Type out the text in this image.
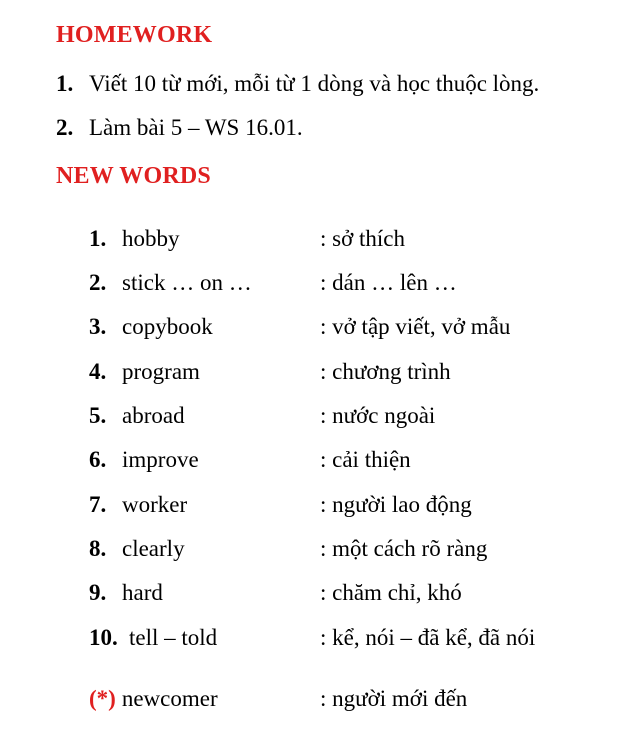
HOMEWORK
1. Viết 10 từ mới, mỗi từ 1 dòng và học thuộc lòng.
2. Làm bài 5 – WS 16.01.
NEW WORDS
1. hobby	: sở thích
2. stick … on …	: dán … lên …
3. copybook	: vở tập viết, vở mẫu
4. program	: chương trình
5. abroad	: nước ngoài
6. improve	: cải thiện
7. worker	: người lao động
8. clearly	: một cách rõ ràng
9. hard	: chăm chỉ, khó
10. tell – told	: kể, nói – đã kể, đã nói
(*) newcomer	: người mới đến
